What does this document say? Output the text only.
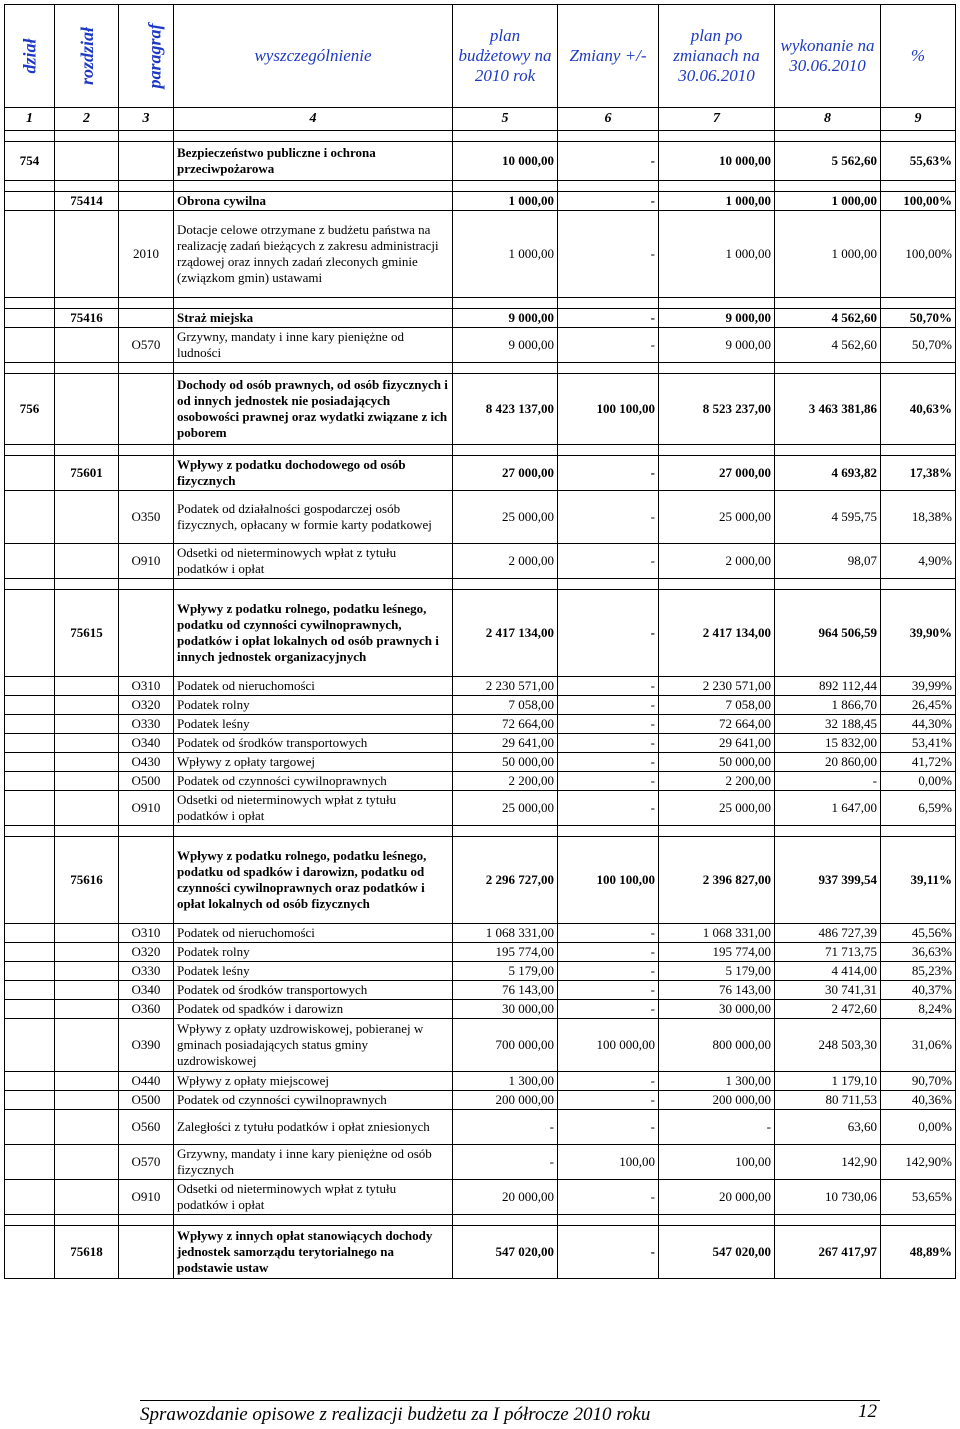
dział	rozdział	paragraf	wyszczególnienie	plan budżetowy na 2010 rok	Zmiany +/-	plan po zmianach na 30.06.2010	wykonanie na 30.06.2010	%
1	2	3	4	5	6	7	8	9

754			Bezpieczeństwo publiczne i ochrona przeciwpożarowa	10 000,00	-	10 000,00	5 562,60	55,63%

	75414		Obrona cywilna	1 000,00	-	1 000,00	1 000,00	100,00%
		2010	Dotacje celowe otrzymane z budżetu państwa na realizację zadań bieżących z zakresu administracji rządowej oraz innych zadań zleconych gminie (związkom gmin) ustawami	1 000,00	-	1 000,00	1 000,00	100,00%

	75416		Straż miejska	9 000,00	-	9 000,00	4 562,60	50,70%
		O570	Grzywny, mandaty i inne kary pieniężne od ludności	9 000,00	-	9 000,00	4 562,60	50,70%

756			Dochody od osób prawnych, od osób fizycznych i od innych jednostek nie posiadających osobowości prawnej oraz wydatki związane z ich poborem	8 423 137,00	100 100,00	8 523 237,00	3 463 381,86	40,63%

	75601		Wpływy z podatku dochodowego od osób fizycznych	27 000,00	-	27 000,00	4 693,82	17,38%
		O350	Podatek od działalności gospodarczej osób fizycznych, opłacany w formie karty podatkowej	25 000,00	-	25 000,00	4 595,75	18,38%
		O910	Odsetki od nieterminowych wpłat z tytułu podatków i opłat	2 000,00	-	2 000,00	98,07	4,90%

	75615		Wpływy z podatku rolnego, podatku leśnego, podatku od czynności cywilnoprawnych, podatków i opłat lokalnych od osób prawnych i innych jednostek organizacyjnych	2 417 134,00	-	2 417 134,00	964 506,59	39,90%
		O310	Podatek od nieruchomości	2 230 571,00	-	2 230 571,00	892 112,44	39,99%
		O320	Podatek rolny	7 058,00	-	7 058,00	1 866,70	26,45%
		O330	Podatek leśny	72 664,00	-	72 664,00	32 188,45	44,30%
		O340	Podatek od środków transportowych	29 641,00	-	29 641,00	15 832,00	53,41%
		O430	Wpływy z opłaty targowej	50 000,00	-	50 000,00	20 860,00	41,72%
		O500	Podatek od czynności cywilnoprawnych	2 200,00	-	2 200,00	-	0,00%
		O910	Odsetki od nieterminowych wpłat z tytułu podatków i opłat	25 000,00	-	25 000,00	1 647,00	6,59%

	75616		Wpływy z podatku rolnego, podatku leśnego, podatku od spadków i darowizn, podatku od czynności cywilnoprawnych oraz podatków i opłat lokalnych od osób fizycznych	2 296 727,00	100 100,00	2 396 827,00	937 399,54	39,11%
		O310	Podatek od nieruchomości	1 068 331,00	-	1 068 331,00	486 727,39	45,56%
		O320	Podatek rolny	195 774,00	-	195 774,00	71 713,75	36,63%
		O330	Podatek leśny	5 179,00	-	5 179,00	4 414,00	85,23%
		O340	Podatek od środków transportowych	76 143,00	-	76 143,00	30 741,31	40,37%
		O360	Podatek od spadków i darowizn	30 000,00	-	30 000,00	2 472,60	8,24%
		O390	Wpływy z opłaty uzdrowiskowej, pobieranej w gminach posiadających status gminy uzdrowiskowej	700 000,00	100 000,00	800 000,00	248 503,30	31,06%
		O440	Wpływy z opłaty miejscowej	1 300,00	-	1 300,00	1 179,10	90,70%
		O500	Podatek od czynności cywilnoprawnych	200 000,00	-	200 000,00	80 711,53	40,36%
		O560	Zaległości z tytułu podatków i opłat zniesionych	-	-	-	63,60	0,00%
		O570	Grzywny, mandaty i inne kary pieniężne od osób fizycznych	-	100,00	100,00	142,90	142,90%
		O910	Odsetki od nieterminowych wpłat z tytułu podatków i opłat	20 000,00	-	20 000,00	10 730,06	53,65%

	75618		Wpływy z innych opłat stanowiących dochody jednostek samorządu terytorialnego na podstawie ustaw	547 020,00	-	547 020,00	267 417,97	48,89%
Sprawozdanie opisowe z realizacji budżetu za I półrocze 2010 roku	12
